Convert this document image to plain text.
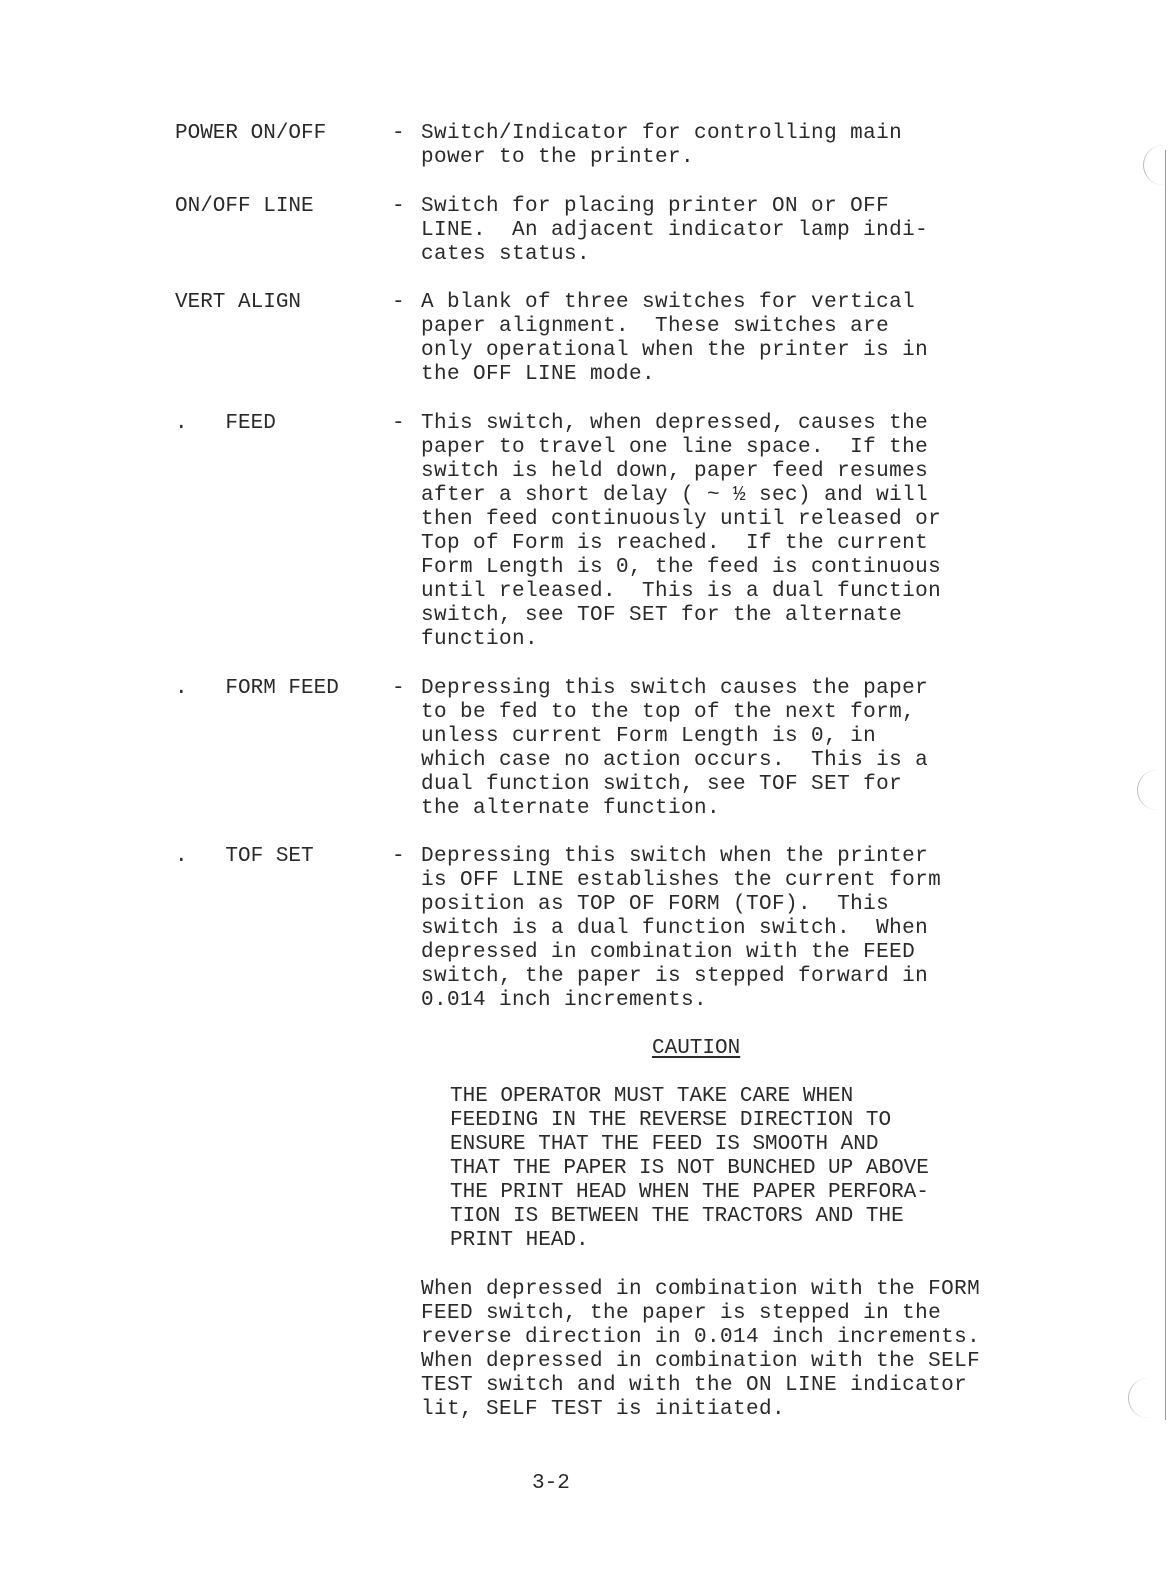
POWER ON/OFF	- Switch/Indicator for controlling main
power to the printer.
ON/OFF LINE	- Switch for placing printer ON or OFF
LINE.  An adjacent indicator lamp indi-
cates status.
VERT ALIGN	- A blank of three switches for vertical
paper alignment.  These switches are
only operational when the printer is in
the OFF LINE mode.
.   FEED	- This switch, when depressed, causes the
paper to travel one line space.  If the
switch is held down, paper feed resumes
after a short delay ( ~ ½ sec) and will
then feed continuously until released or
Top of Form is reached.  If the current
Form Length is 0, the feed is continuous
until released.  This is a dual function
switch, see TOF SET for the alternate
function.
.   FORM FEED	- Depressing this switch causes the paper
to be fed to the top of the next form,
unless current Form Length is 0, in
which case no action occurs.  This is a
dual function switch, see TOF SET for
the alternate function.
.   TOF SET	- Depressing this switch when the printer
is OFF LINE establishes the current form
position as TOP OF FORM (TOF).  This
switch is a dual function switch.  When
depressed in combination with the FEED
switch, the paper is stepped forward in
0.014 inch increments.
CAUTION
THE OPERATOR MUST TAKE CARE WHEN
FEEDING IN THE REVERSE DIRECTION TO
ENSURE THAT THE FEED IS SMOOTH AND
THAT THE PAPER IS NOT BUNCHED UP ABOVE
THE PRINT HEAD WHEN THE PAPER PERFORA-
TION IS BETWEEN THE TRACTORS AND THE
PRINT HEAD.
When depressed in combination with the FORM
FEED switch, the paper is stepped in the
reverse direction in 0.014 inch increments.
When depressed in combination with the SELF
TEST switch and with the ON LINE indicator
lit, SELF TEST is initiated.
3-2
